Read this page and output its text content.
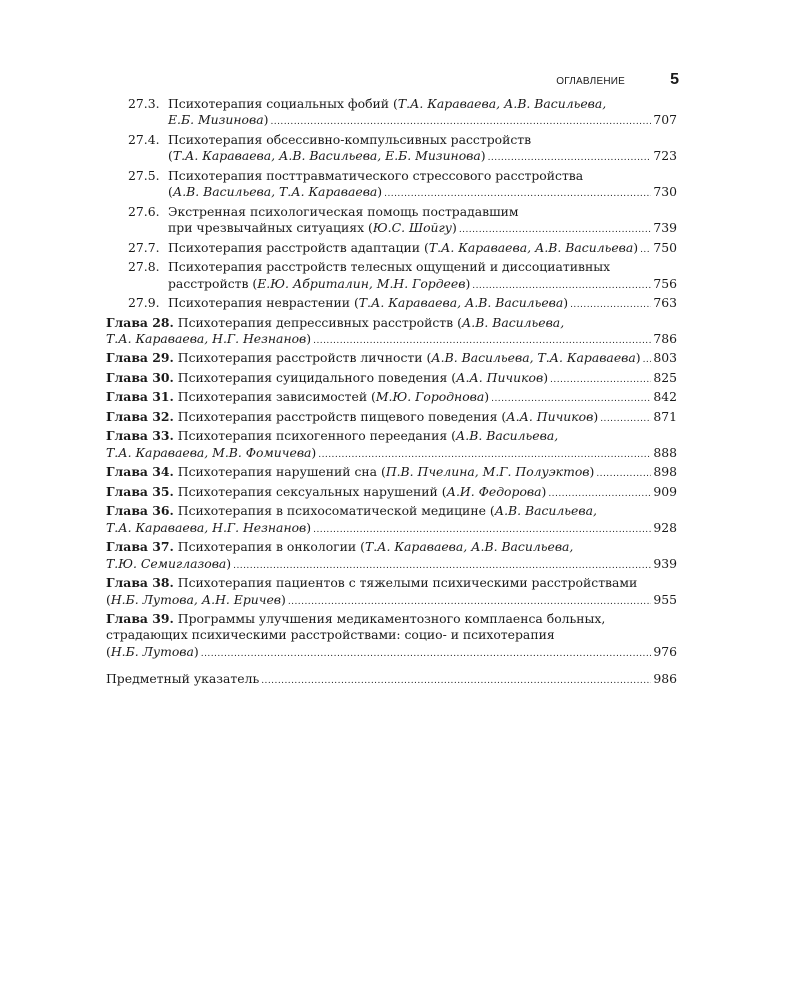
ОГЛАВЛЕНИЕ	5
27.3. Психотерапия социальных фобий (Т.А. Караваева, А.В. Васильева,
Е.Б. Мизинова) . . .	707
27.4. Психотерапия обсессивно-компульсивных расстройств
(Т.А. Караваева, А.В. Васильева, Е.Б. Мизинова) . . .	723
27.5. Психотерапия посттравматического стрессового расстройства
(А.В. Васильева, Т.А. Караваева) . . .	730
27.6. Экстренная психологическая помощь пострадавшим
при чрезвычайных ситуациях (Ю.С. Шойгу) . . .	739
27.7. Психотерапия расстройств адаптации (Т.А. Караваева, А.В. Васильева) . . . 750
27.8. Психотерапия расстройств телесных ощущений и диссоциативных
расстройств (Е.Ю. Абриталин, М.Н. Гордеев) . . .	756
27.9. Психотерапия неврастении (Т.А. Караваева, А.В. Васильева) . . .	763
Глава 28. Психотерапия депрессивных расстройств (А.В. Васильева,
Т.А. Караваева, Н.Г. Незнанов) . . .	786
Глава 29. Психотерапия расстройств личности (А.В. Васильева, Т.А. Караваева) . . . 803
Глава 30. Психотерапия суицидального поведения (А.А. Пичиков) . . .	825
Глава 31. Психотерапия зависимостей (М.Ю. Городнова) . . .	842
Глава 32. Психотерапия расстройств пищевого поведения (А.А. Пичиков) . . .	871
Глава 33. Психотерапия психогенного переедания (А.В. Васильева,
Т.А. Караваева, М.В. Фомичева) . . .	888
Глава 34. Психотерапия нарушений сна (П.В. Пчелина, М.Г. Полуэктов) . . .	898
Глава 35. Психотерапия сексуальных нарушений (А.И. Федорова) . . .	909
Глава 36. Психотерапия в психосоматической медицине (А.В. Васильева,
Т.А. Караваева, Н.Г. Незнанов) . . .	928
Глава 37. Психотерапия в онкологии (Т.А. Караваева, А.В. Васильева,
Т.Ю. Семиглазова) . . .	939
Глава 38. Психотерапия пациентов с тяжелыми психическими расстройствами
(Н.Б. Лутова, А.Н. Еричев) . . .	955
Глава 39. Программы улучшения медикаментозного комплаенса больных,
страдающих психическими расстройствами: социо- и психотерапия
(Н.Б. Лутова) . . .	976
Предметный указатель . . .	986
